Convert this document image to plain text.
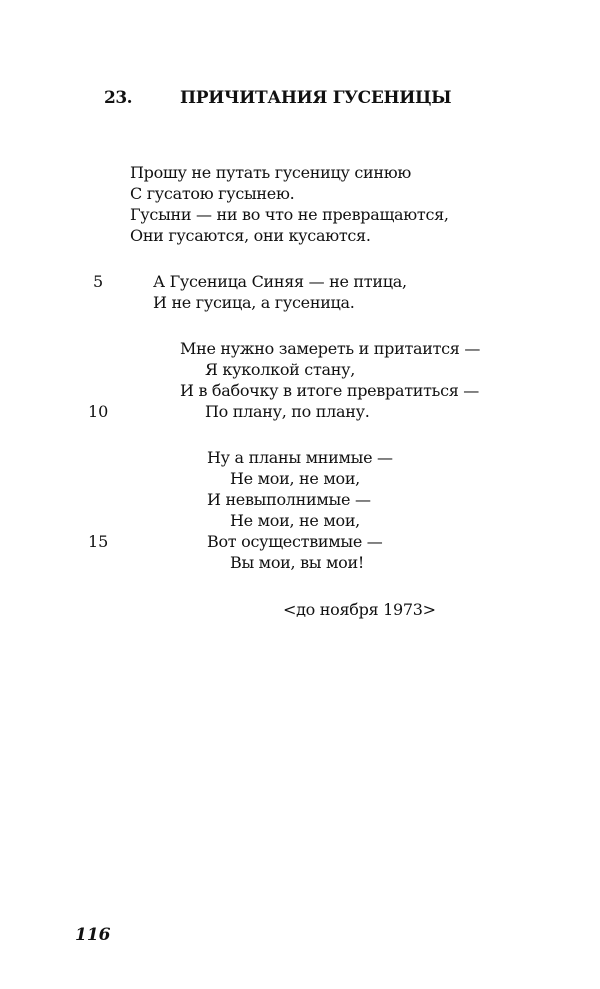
23.	ПРИЧИТАНИЯ ГУСЕНИЦЫ
Прошу не путать гусеницу синюю
С гусатою гусынею.
Гусыни — ни во что не превращаются,
Они гусаются, они кусаются.
5	А Гусеница Синяя — не птица,
И не гусица, а гусеница.
Мне нужно замереть и притаится —
Я куколкой стану,
И в бабочку в итоге превратиться —
10	По плану, по плану.
Ну а планы мнимые —
Не мои, не мои,
И невыполнимые —
Не мои, не мои,
15	Вот осуществимые —
Вы мои, вы мои!
<до ноября 1973>
116
